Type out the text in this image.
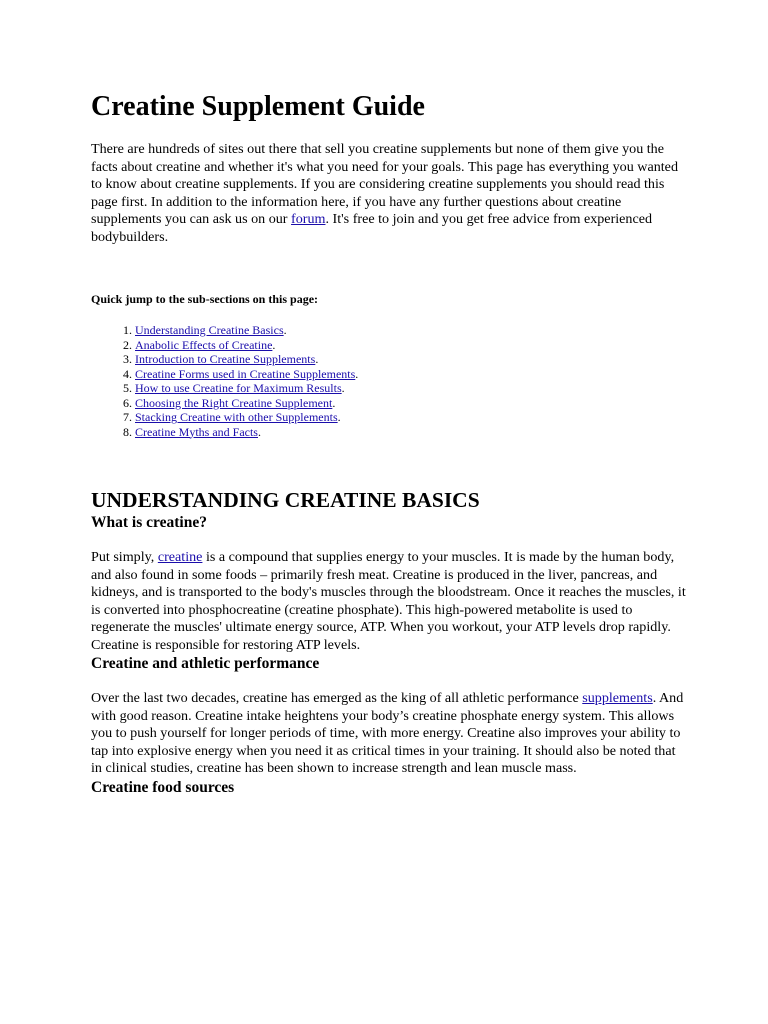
Creatine Supplement Guide

There are hundreds of sites out there that sell you creatine supplements but none of them give you the facts about creatine and whether it's what you need for your goals. This page has everything you wanted to know about creatine supplements. If you are considering creatine supplements you should read this page first. In addition to the information here, if you have any further questions about creatine supplements you can ask us on our forum. It's free to join and you get free advice from experienced bodybuilders.

Quick jump to the sub-sections on this page:

1. Understanding Creatine Basics.
2. Anabolic Effects of Creatine.
3. Introduction to Creatine Supplements.
4. Creatine Forms used in Creatine Supplements.
5. How to use Creatine for Maximum Results.
6. Choosing the Right Creatine Supplement.
7. Stacking Creatine with other Supplements.
8. Creatine Myths and Facts.
UNDERSTANDING CREATINE BASICS
What is creatine?

Put simply, creatine is a compound that supplies energy to your muscles. It is made by the human body, and also found in some foods – primarily fresh meat. Creatine is produced in the liver, pancreas, and kidneys, and is transported to the body's muscles through the bloodstream. Once it reaches the muscles, it is converted into phosphocreatine (creatine phosphate). This high-powered metabolite is used to regenerate the muscles' ultimate energy source, ATP. When you workout, your ATP levels drop rapidly. Creatine is responsible for restoring ATP levels.

Creatine and athletic performance

Over the last two decades, creatine has emerged as the king of all athletic performance supplements. And with good reason. Creatine intake heightens your body’s creatine phosphate energy system. This allows you to push yourself for longer periods of time, with more energy. Creatine also improves your ability to tap into explosive energy when you need it as critical times in your training. It should also be noted that in clinical studies, creatine has been shown to increase strength and lean muscle mass.

Creatine food sources
